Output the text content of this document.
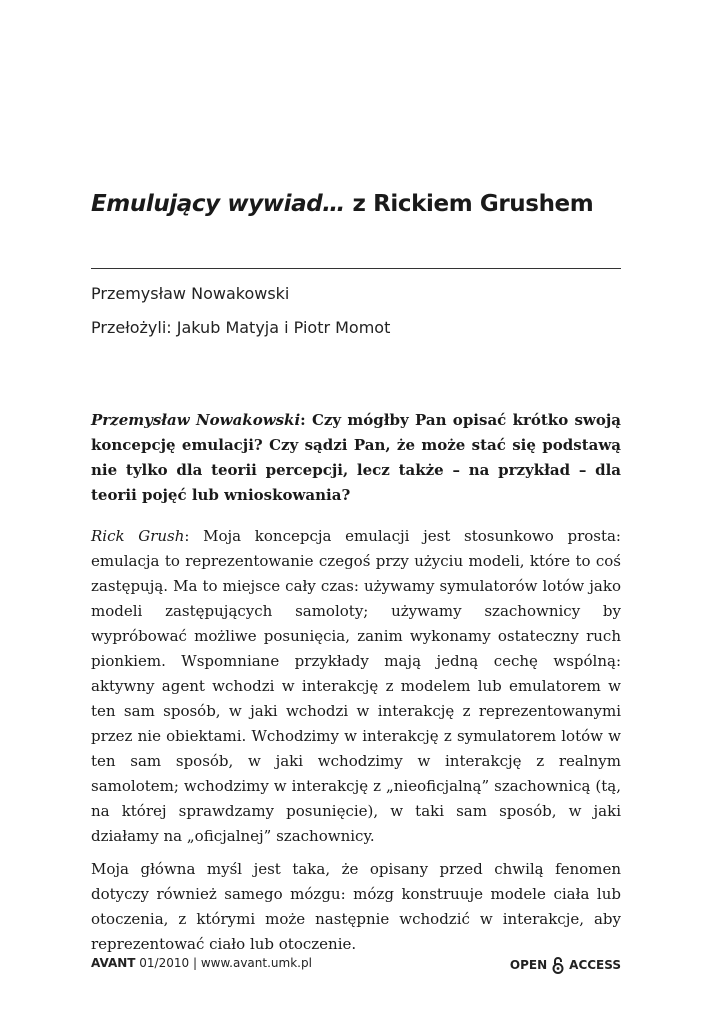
Emulujący wywiad… z Rickiem Grushem
Przemysław Nowakowski
Przełożyli: Jakub Matyja i Piotr Momot

Przemysław Nowakowski: Czy mógłby Pan opisać krótko swoją koncepcję emulacji? Czy sądzi Pan, że może stać się podstawą nie tylko dla teorii percepcji, lecz także – na przykład – dla teorii pojęć lub wnioskowania?

Rick Grush: Moja koncepcja emulacji jest stosunkowo prosta: emulacja to reprezentowanie czegoś przy użyciu modeli, które to coś zastępują. Ma to miejsce cały czas: używamy symulatorów lotów jako modeli zastępujących samoloty; używamy szachownicy by wypróbować możliwe posunięcia, zanim wykonamy ostateczny ruch pionkiem. Wspomniane przykłady mają jedną cechę wspólną: aktywny agent wchodzi w interakcję z modelem lub emulatorem w ten sam sposób, w jaki wchodzi w interakcję z reprezentowanymi przez nie obiektami. Wchodzimy w interakcję z symulatorem lotów w ten sam sposób, w jaki wchodzimy w interakcję z realnym samolotem; wchodzimy w interakcję z „nieoficjalną” szachownicą (tą, na której sprawdzamy posunięcie), w taki sam sposób, w jaki działamy na „oficjalnej” szachownicy.

Moja główna myśl jest taka, że opisany przed chwilą fenomen dotyczy również samego mózgu: mózg konstruuje modele ciała lub otoczenia, z którymi może następnie wchodzić w interakcje, aby reprezentować ciało lub otoczenie.

AVANT 01/2010 | www.avant.umk.pl	OPEN ACCESS
